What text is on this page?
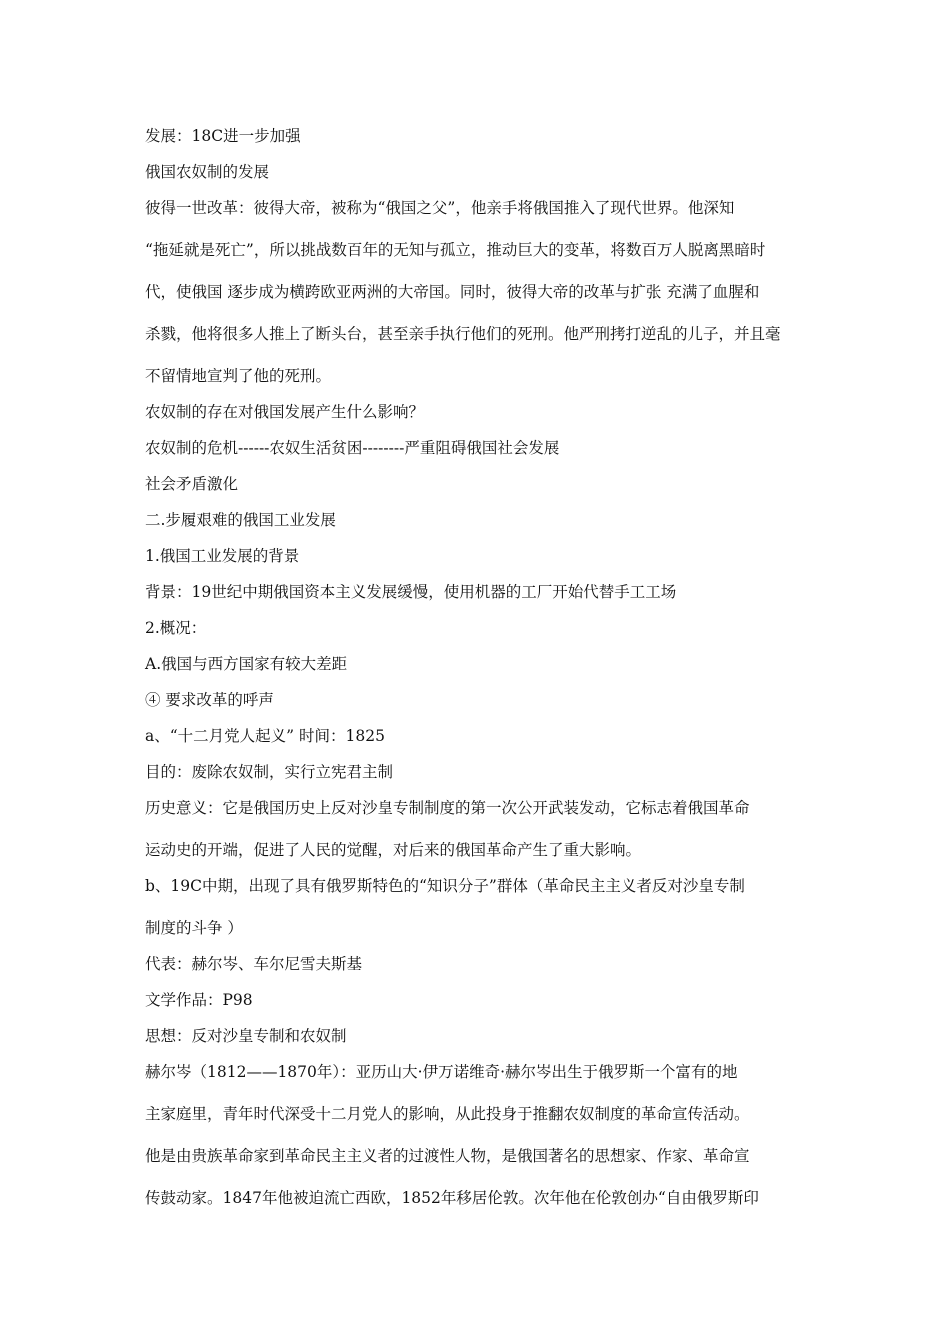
发展：18C进一步加强
俄国农奴制的发展
彼得一世改革：彼得大帝，被称为“俄国之父”，他亲手将俄国推入了现代世界。他深知
“拖延就是死亡”，所以挑战数百年的无知与孤立，推动巨大的变革，将数百万人脱离黑暗时
代，使俄国 逐步成为横跨欧亚两洲的大帝国。同时，彼得大帝的改革与扩张 充满了血腥和
杀戮，他将很多人推上了断头台，甚至亲手执行他们的死刑。他严刑拷打逆乱的儿子，并且毫
不留情地宣判了他的死刑。
农奴制的存在对俄国发展产生什么影响？
农奴制的危机------农奴生活贫困--------严重阻碍俄国社会发展
社会矛盾激化
二.步履艰难的俄国工业发展
1.俄国工业发展的背景
背景：19世纪中期俄国资本主义发展缓慢，使用机器的工厂开始代替手工工场
2.概况：
A.俄国与西方国家有较大差距
④ 要求改革的呼声
a、“十二月党人起义” 时间：1825
目的：废除农奴制，实行立宪君主制
历史意义：它是俄国历史上反对沙皇专制制度的第一次公开武装发动，它标志着俄国革命
运动史的开端，促进了人民的觉醒，对后来的俄国革命产生了重大影响。
b、19C中期，出现了具有俄罗斯特色的“知识分子”群体（革命民主主义者反对沙皇专制
制度的斗争 ）
代表：赫尔岑、车尔尼雪夫斯基
文学作品：P98
思想：反对沙皇专制和农奴制
赫尔岑（1812——1870年）：亚历山大·伊万诺维奇·赫尔岑出生于俄罗斯一个富有的地
主家庭里，青年时代深受十二月党人的影响，从此投身于推翻农奴制度的革命宣传活动。
他是由贵族革命家到革命民主主义者的过渡性人物，是俄国著名的思想家、作家、革命宣
传鼓动家。1847年他被迫流亡西欧，1852年移居伦敦。次年他在伦敦创办“自由俄罗斯印
